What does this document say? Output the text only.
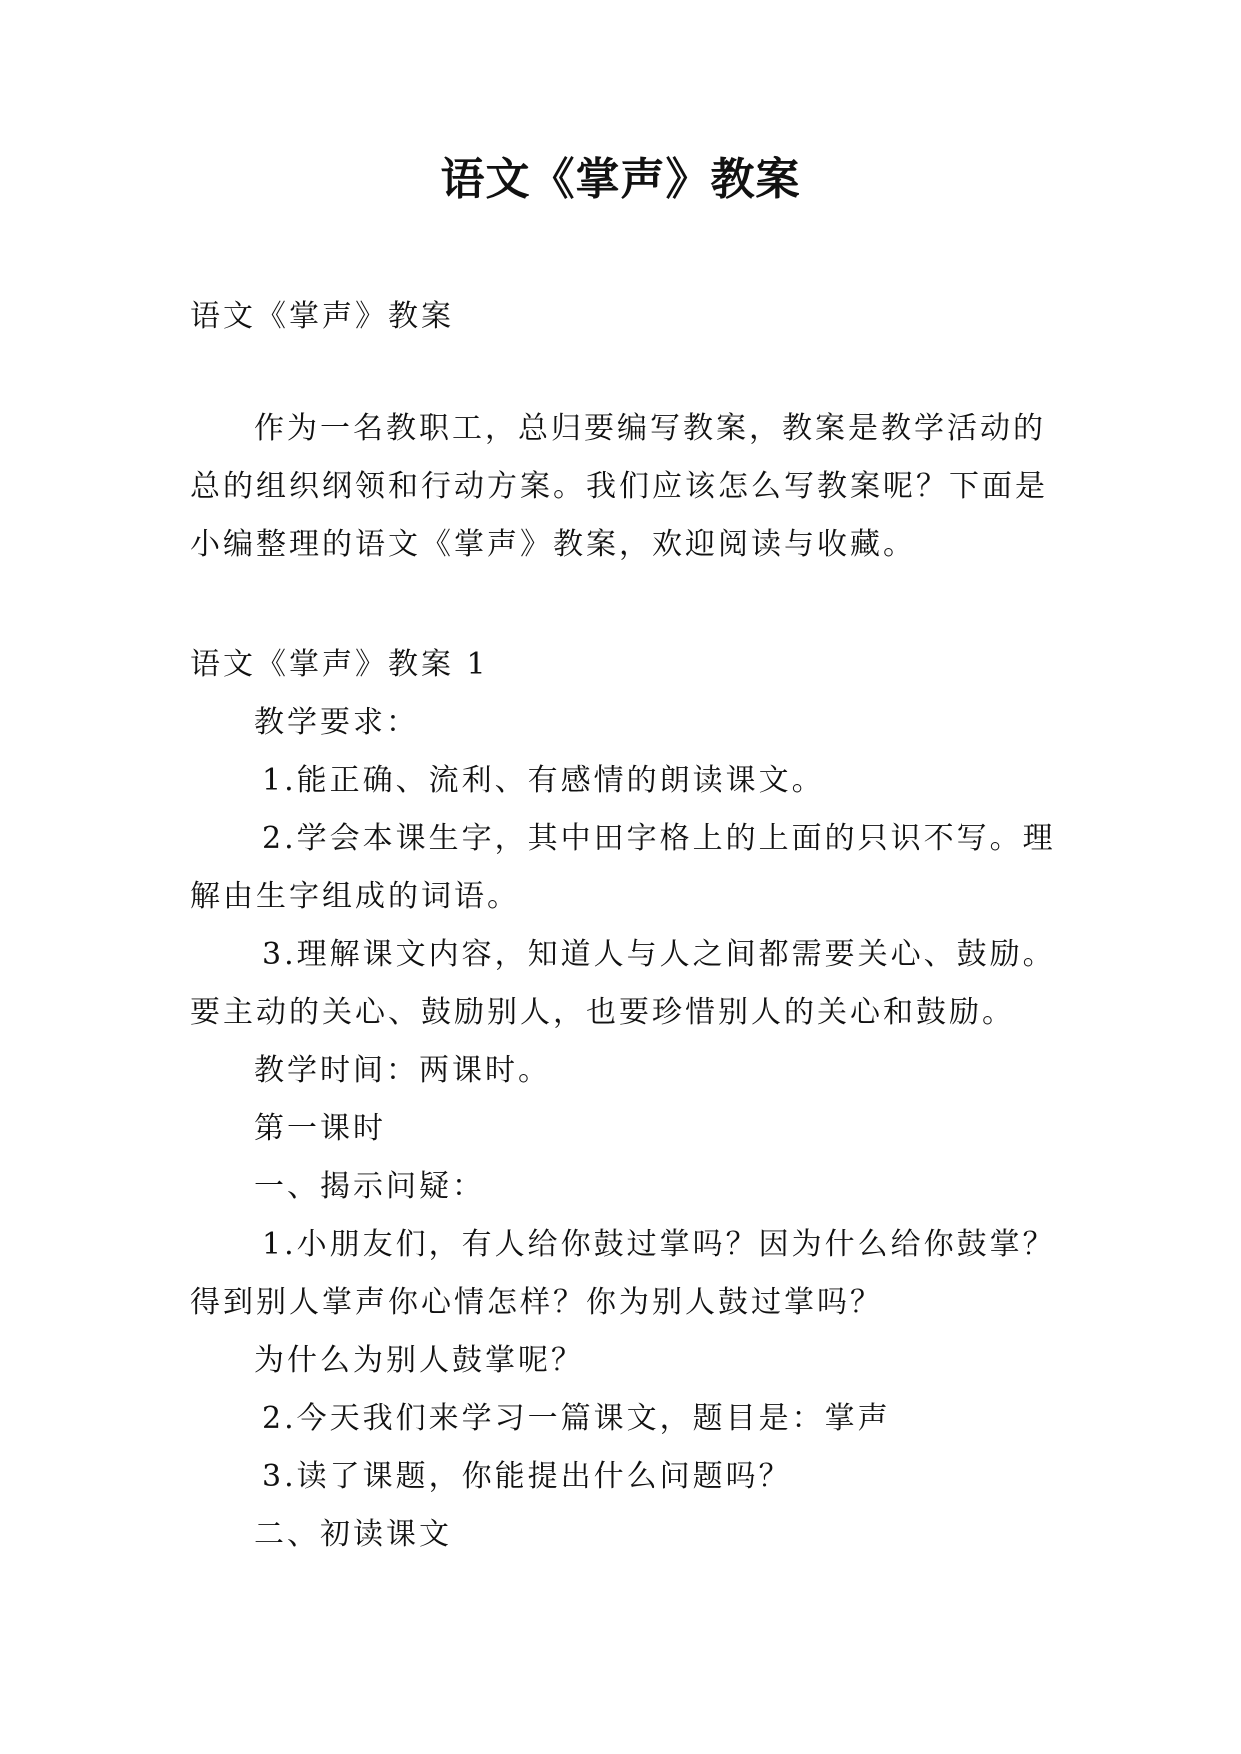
语文《掌声》教案

语文《掌声》教案

作为一名教职工，总归要编写教案，教案是教学活动的总的组织纲领和行动方案。我们应该怎么写教案呢？下面是小编整理的语文《掌声》教案，欢迎阅读与收藏。

语文《掌声》教案 1

教学要求：

1.能正确、流利、有感情的朗读课文。

2.学会本课生字，其中田字格上的上面的只识不写。理解由生字组成的词语。

3.理解课文内容，知道人与人之间都需要关心、鼓励。要主动的关心、鼓励别人，也要珍惜别人的关心和鼓励。

教学时间：两课时。

第一课时

一、揭示问疑：

1.小朋友们，有人给你鼓过掌吗？因为什么给你鼓掌？得到别人掌声你心情怎样？你为别人鼓过掌吗？

为什么为别人鼓掌呢？

2.今天我们来学习一篇课文，题目是：掌声

3.读了课题，你能提出什么问题吗？

二、初读课文
